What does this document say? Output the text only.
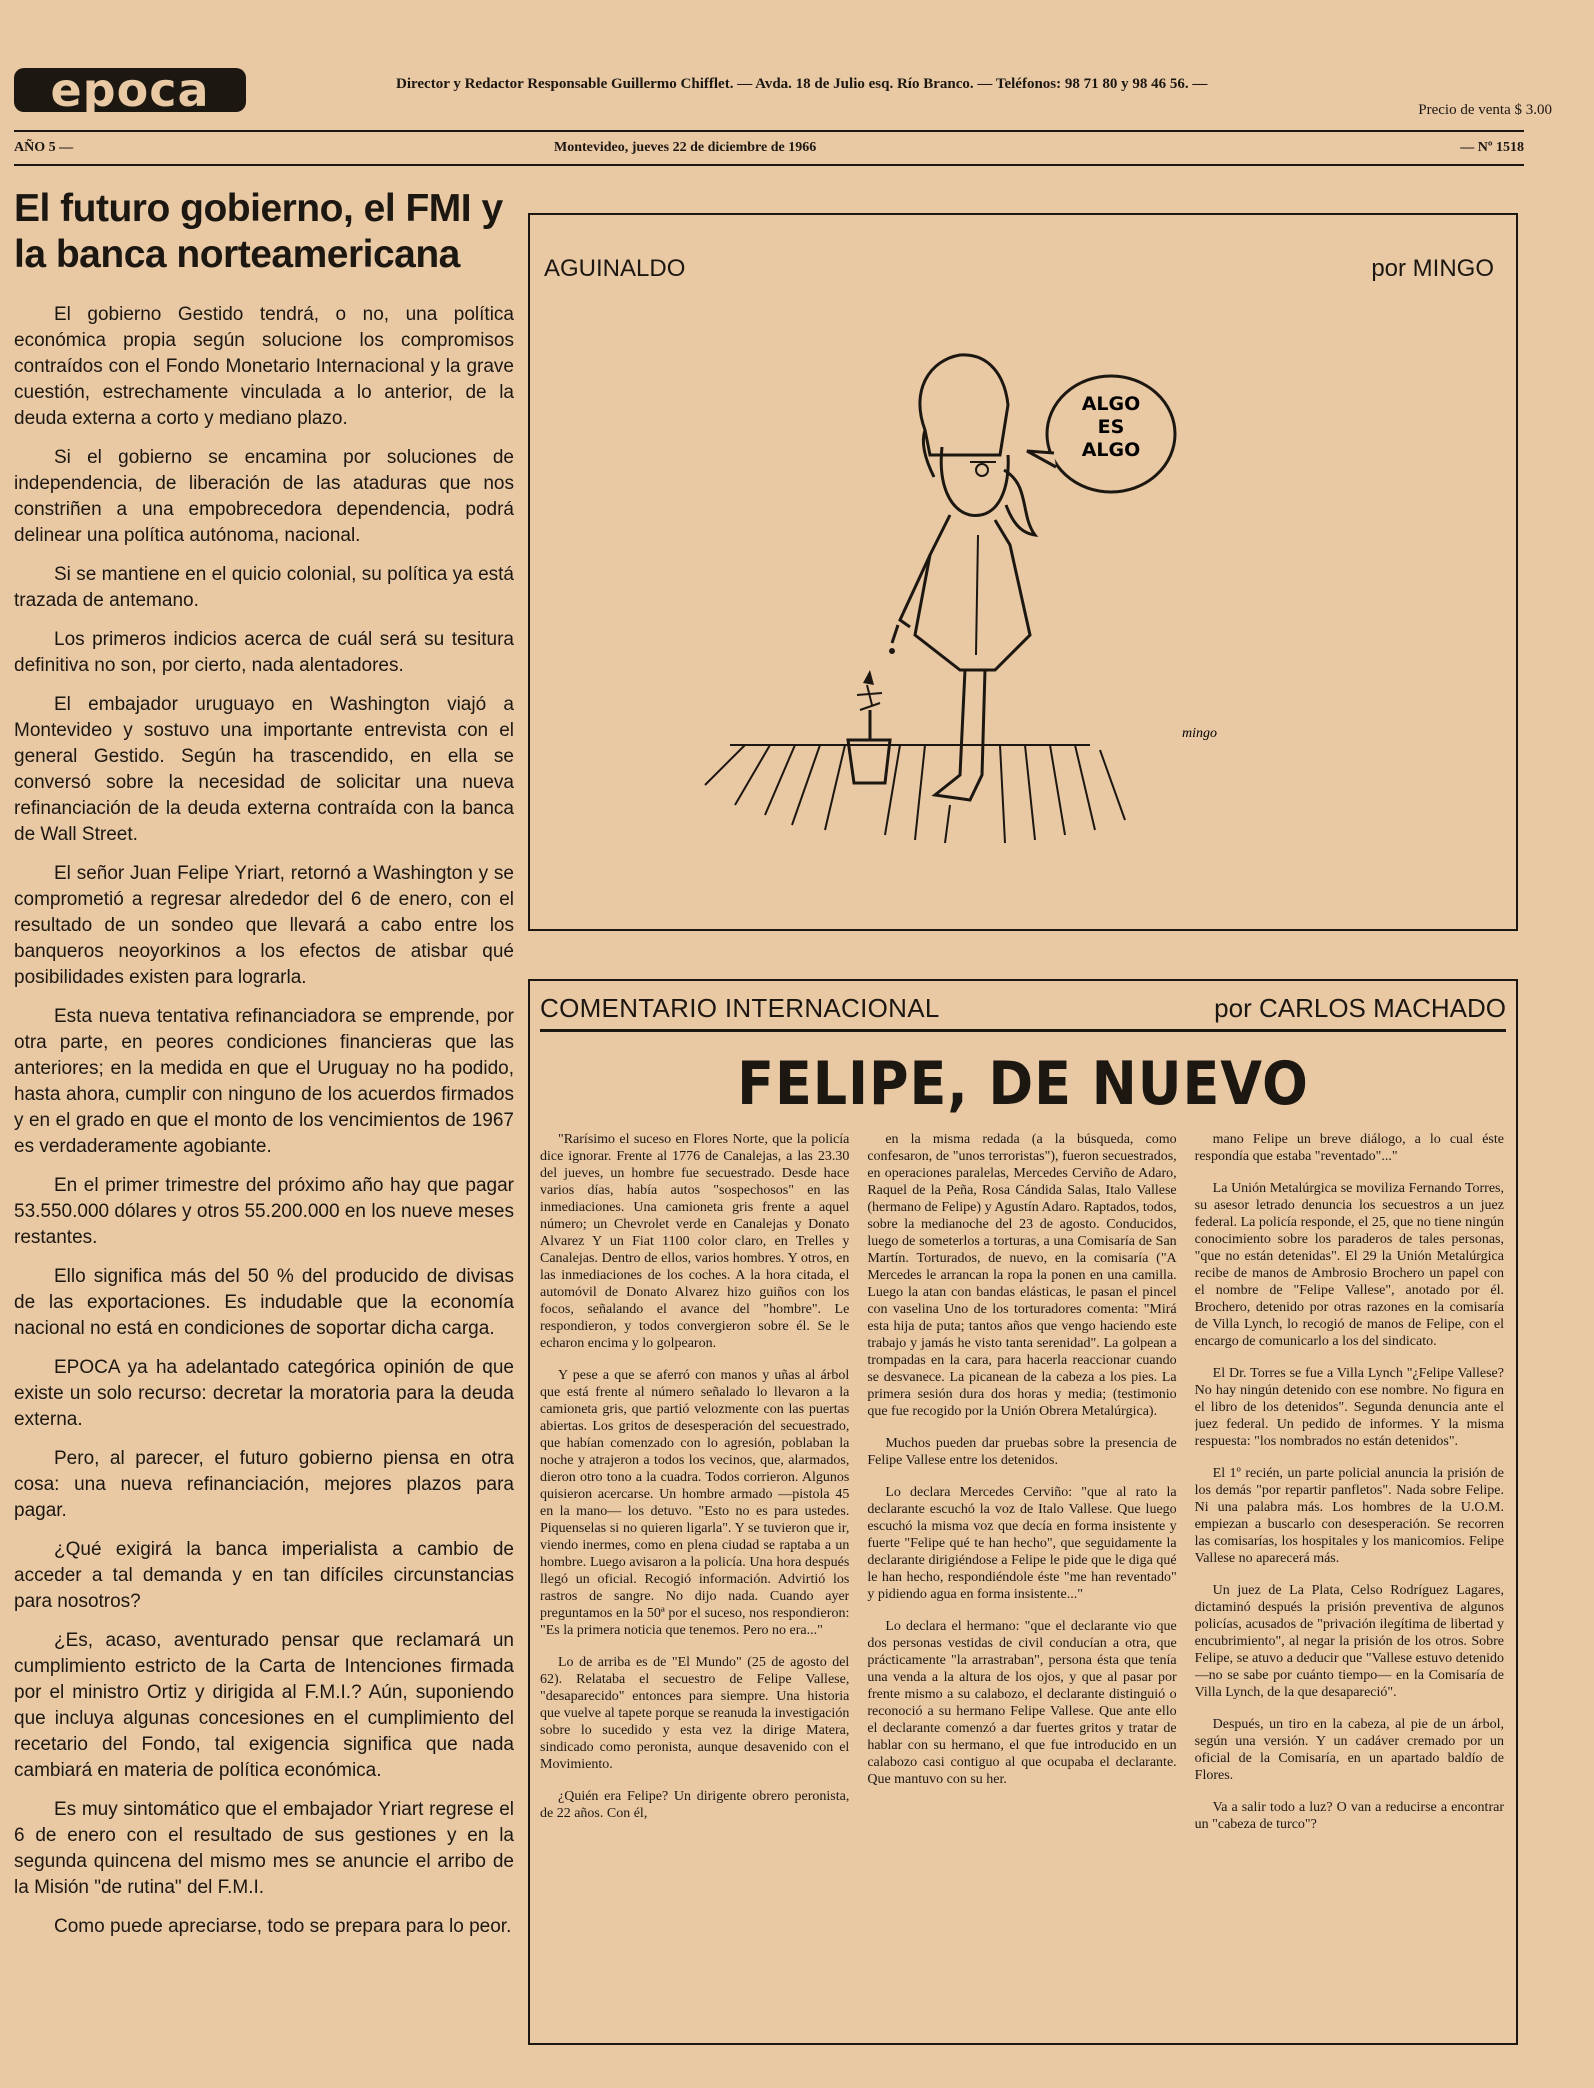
epoca	Director y Redactor Responsable Guillermo Chifflet. — Avda. 18 de Julio esq. Río Branco. — Teléfonos: 98 71 80 y 98 46 56. —
Precio de venta $ 3.00
AÑO 5 —	Montevideo, jueves 22 de diciembre de 1966	— Nº 1518
El futuro gobierno, el FMI y la banca norteamericana

El gobierno Gestido tendrá, o no, una política económica propia según solucione los compromisos contraídos con el Fondo Monetario Internacional y la grave cuestión, estrechamente vinculada a lo anterior, de la deuda externa a corto y mediano plazo.

Si el gobierno se encamina por soluciones de independencia, de liberación de las ataduras que nos constriñen a una empobrecedora dependencia, podrá delinear una política autónoma, nacional.

Si se mantiene en el quicio colonial, su política ya está trazada de antemano.

Los primeros indicios acerca de cuál será su tesitura definitiva no son, por cierto, nada alentadores.

El embajador uruguayo en Washington viajó a Montevideo y sostuvo una importante entrevista con el general Gestido. Según ha trascendido, en ella se conversó sobre la necesidad de solicitar una nueva refinanciación de la deuda externa contraída con la banca de Wall Street.

El señor Juan Felipe Yriart, retornó a Washington y se comprometió a regresar alrededor del 6 de enero, con el resultado de un sondeo que llevará a cabo entre los banqueros neoyorkinos a los efectos de atisbar qué posibilidades existen para lograrla.

Esta nueva tentativa refinanciadora se emprende, por otra parte, en peores condiciones financieras que las anteriores; en la medida en que el Uruguay no ha podido, hasta ahora, cumplir con ninguno de los acuerdos firmados y en el grado en que el monto de los vencimientos de 1967 es verdaderamente agobiante.

En el primer trimestre del próximo año hay que pagar 53.550.000 dólares y otros 55.200.000 en los nueve meses restantes.

Ello significa más del 50 % del producido de divisas de las exportaciones. Es indudable que la economía nacional no está en condiciones de soportar dicha carga.

EPOCA ya ha adelantado categórica opinión de que existe un solo recurso: decretar la moratoria para la deuda externa.

Pero, al parecer, el futuro gobierno piensa en otra cosa: una nueva refinanciación, mejores plazos para pagar.

¿Qué exigirá la banca imperialista a cambio de acceder a tal demanda y en tan difíciles circunstancias para nosotros?

¿Es, acaso, aventurado pensar que reclamará un cumplimiento estricto de la Carta de Intenciones firmada por el ministro Ortiz y dirigida al F.M.I.? Aún, suponiendo que incluya algunas concesiones en el cumplimiento del recetario del Fondo, tal exigencia significa que nada cambiará en materia de política económica.

Es muy sintomático que el embajador Yriart regrese el 6 de enero con el resultado de sus gestiones y en la segunda quincena del mismo mes se anuncie el arribo de la Misión "de rutina" del F.M.I.

Como puede apreciarse, todo se prepara para lo peor.

AGUINALDO	por MINGO
ALGO
ES
ALGO
mingo
COMENTARIO INTERNACIONAL	por CARLOS MACHADO
FELIPE, DE NUEVO

"Rarísimo el suceso en Flores Norte, que la policía dice ignorar. Frente al 1776 de Canalejas, a las 23.30 del jueves, un hombre fue secuestrado. Desde hace varios días, había autos "sospechosos" en las inmediaciones. Una camioneta gris frente a aquel número; un Chevrolet verde en Canalejas y Donato Alvarez Y un Fiat 1100 color claro, en Trelles y Canalejas. Dentro de ellos, varios hombres. Y otros, en las inmediaciones de los coches. A la hora citada, el automóvil de Donato Alvarez hizo guiños con los focos, señalando el avance del "hombre". Le respondieron, y todos convergieron sobre él. Se le echaron encima y lo golpearon.

Y pese a que se aferró con manos y uñas al árbol que está frente al número señalado lo llevaron a la camioneta gris, que partió velozmente con las puertas abiertas. Los gritos de desesperación del secuestrado, que habían comenzado con lo agresión, poblaban la noche y atrajeron a todos los vecinos, que, alarmados, dieron otro tono a la cuadra. Todos corrieron. Algunos quisieron acercarse. Un hombre armado —pistola 45 en la mano— los detuvo. "Esto no es para ustedes. Piquenselas si no quieren ligarla". Y se tuvieron que ir, viendo inermes, como en plena ciudad se raptaba a un hombre. Luego avisaron a la policía. Una hora después llegó un oficial. Recogió información. Advirtió los rastros de sangre. No dijo nada. Cuando ayer preguntamos en la 50ª por el suceso, nos respondieron: "Es la primera noticia que tenemos. Pero no era..."

Lo de arriba es de "El Mundo" (25 de agosto del 62). Relataba el secuestro de Felipe Vallese, "desaparecido" entonces para siempre. Una historia que vuelve al tapete porque se reanuda la investigación sobre lo sucedido y esta vez la dirige Matera, sindicado como peronista, aunque desavenido con el Movimiento.

¿Quién era Felipe? Un dirigente obrero peronista, de 22 años. Con él,

en la misma redada (a la búsqueda, como confesaron, de "unos terroristas"), fueron secuestrados, en operaciones paralelas, Mercedes Cerviño de Adaro, Raquel de la Peña, Rosa Cándida Salas, Italo Vallese (hermano de Felipe) y Agustín Adaro. Raptados, todos, sobre la medianoche del 23 de agosto. Conducidos, luego de someterlos a torturas, a una Comisaría de San Martín. Torturados, de nuevo, en la comisaría ("A Mercedes le arrancan la ropa la ponen en una camilla. Luego la atan con bandas elásticas, le pasan el pincel con vaselina Uno de los torturadores comenta: "Mirá esta hija de puta; tantos años que vengo haciendo este trabajo y jamás he visto tanta serenidad". La golpean a trompadas en la cara, para hacerla reaccionar cuando se desvanece. La picanean de la cabeza a los pies. La primera sesión dura dos horas y media; (testimonio que fue recogido por la Unión Obrera Metalúrgica).

Muchos pueden dar pruebas sobre la presencia de Felipe Vallese entre los detenidos.

Lo declara Mercedes Cerviño: "que al rato la declarante escuchó la voz de Italo Vallese. Que luego escuchó la misma voz que decía en forma insistente y fuerte "Felipe qué te han hecho", que seguidamente la declarante dirigiéndose a Felipe le pide que le diga qué le han hecho, respondiéndole éste "me han reventado" y pidiendo agua en forma insistente..."

Lo declara el hermano: "que el declarante vio que dos personas vestidas de civil conducían a otra, que prácticamente "la arrastraban", persona ésta que tenía una venda a la altura de los ojos, y que al pasar por frente mismo a su calabozo, el declarante distinguió o reconoció a su hermano Felipe Vallese. Que ante ello el declarante comenzó a dar fuertes gritos y tratar de hablar con su hermano, el que fue introducido en un calabozo casi contiguo al que ocupaba el declarante. Que mantuvo con su her.

mano Felipe un breve diálogo, a lo cual éste respondía que estaba "reventado"..."

La Unión Metalúrgica se moviliza Fernando Torres, su asesor letrado denuncia los secuestros a un juez federal. La policía responde, el 25, que no tiene ningún conocimiento sobre los paraderos de tales personas, "que no están detenidas". El 29 la Unión Metalúrgica recibe de manos de Ambrosio Brochero un papel con el nombre de "Felipe Vallese", anotado por él. Brochero, detenido por otras razones en la comisaría de Villa Lynch, lo recogió de manos de Felipe, con el encargo de comunicarlo a los del sindicato.

El Dr. Torres se fue a Villa Lynch "¿Felipe Vallese? No hay ningún detenido con ese nombre. No figura en el libro de los detenidos". Segunda denuncia ante el juez federal. Un pedido de informes. Y la misma respuesta: "los nombrados no están detenidos".

El 1º recién, un parte policial anuncia la prisión de los demás "por repartir panfletos". Nada sobre Felipe. Ni una palabra más. Los hombres de la U.O.M. empiezan a buscarlo con desesperación. Se recorren las comisarías, los hospitales y los manicomios. Felipe Vallese no aparecerá más.

Un juez de La Plata, Celso Rodríguez Lagares, dictaminó después la prisión preventiva de algunos policías, acusados de "privación ilegítima de libertad y encubrimiento", al negar la prisión de los otros. Sobre Felipe, se atuvo a deducir que "Vallese estuvo detenido —no se sabe por cuánto tiempo— en la Comisaría de Villa Lynch, de la que desapareció".

Después, un tiro en la cabeza, al pie de un árbol, según una versión. Y un cadáver cremado por un oficial de la Comisaría, en un apartado baldío de Flores.

Va a salir todo a luz? O van a reducirse a encontrar un "cabeza de turco"?
